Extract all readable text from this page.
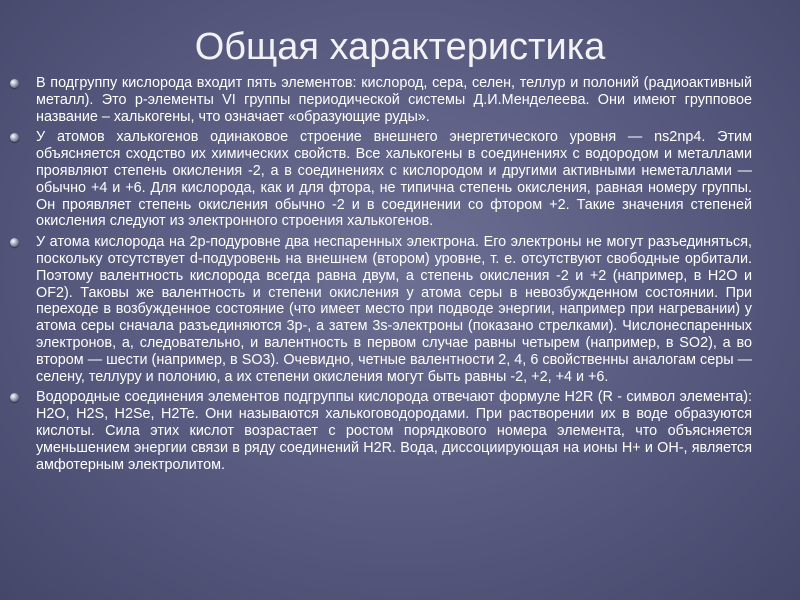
Общая характеристика
В подгруппу кислорода входит пять элементов: кислород, сера, селен, теллур и полоний (радиоактивный металл). Это р-элементы VI группы периодической системы Д.И.Менделеева. Они имеют групповое название – халькогены, что означает «образующие руды».
У атомов халькогенов одинаковое строение внешнего энергетического уровня — ns2np4. Этим объясняется сходство их химических свойств. Все халькогены в соединениях с водородом и металлами проявляют степень окисления -2, а в соединениях с кислородом и другими активными неметаллами — обычно +4 и +6. Для кислорода, как и для фтора, не типична степень окисления, равная номеру группы. Он проявляет степень окисления обычно -2 и в соединении со фтором +2. Такие значения степеней окисления следуют из электронного строения халькогенов.
У атома кислорода на 2р-подуровне два неспаренных электрона. Его электроны не могут разъединяться, поскольку отсутствует d-подуровень на внешнем (втором) уровне, т. е. отсутствуют свободные орбитали. Поэтому валентность кислорода всегда равна двум, а степень окисления -2 и +2 (например, в Н2О и OF2). Таковы же валентность и степени окисления у атома серы в невозбужденном состоянии. При переходе в возбужденное состояние (что имеет место при подводе энергии, например при нагревании) у атома серы сначала разъединяются 3р-, а затем 3s-электроны (показано стрелками). Числонеспаренных электронов, а, следовательно, и валентность в первом случае равны четырем (например, в SO2), а во втором — шести (например, в SO3). Очевидно, четные валентности 2, 4, 6 свойственны аналогам серы — селену, теллуру и полонию, а их степени окисления могут быть равны -2, +2, +4 и +6.
Водородные соединения элементов подгруппы кислорода отвечают формуле H2R (R - символ элемента): H2O, H2S, H2Se, H2Te. Они называются халькоговодородами. При растворении их в воде образуются кислоты. Сила этих кислот возрастает с ростом порядкового номера элемента, что объясняется уменьшением энергии связи в ряду соединений H2R. Вода, диссоциирующая на ионы Н+ и ОН-, является амфотерным электролитом.
